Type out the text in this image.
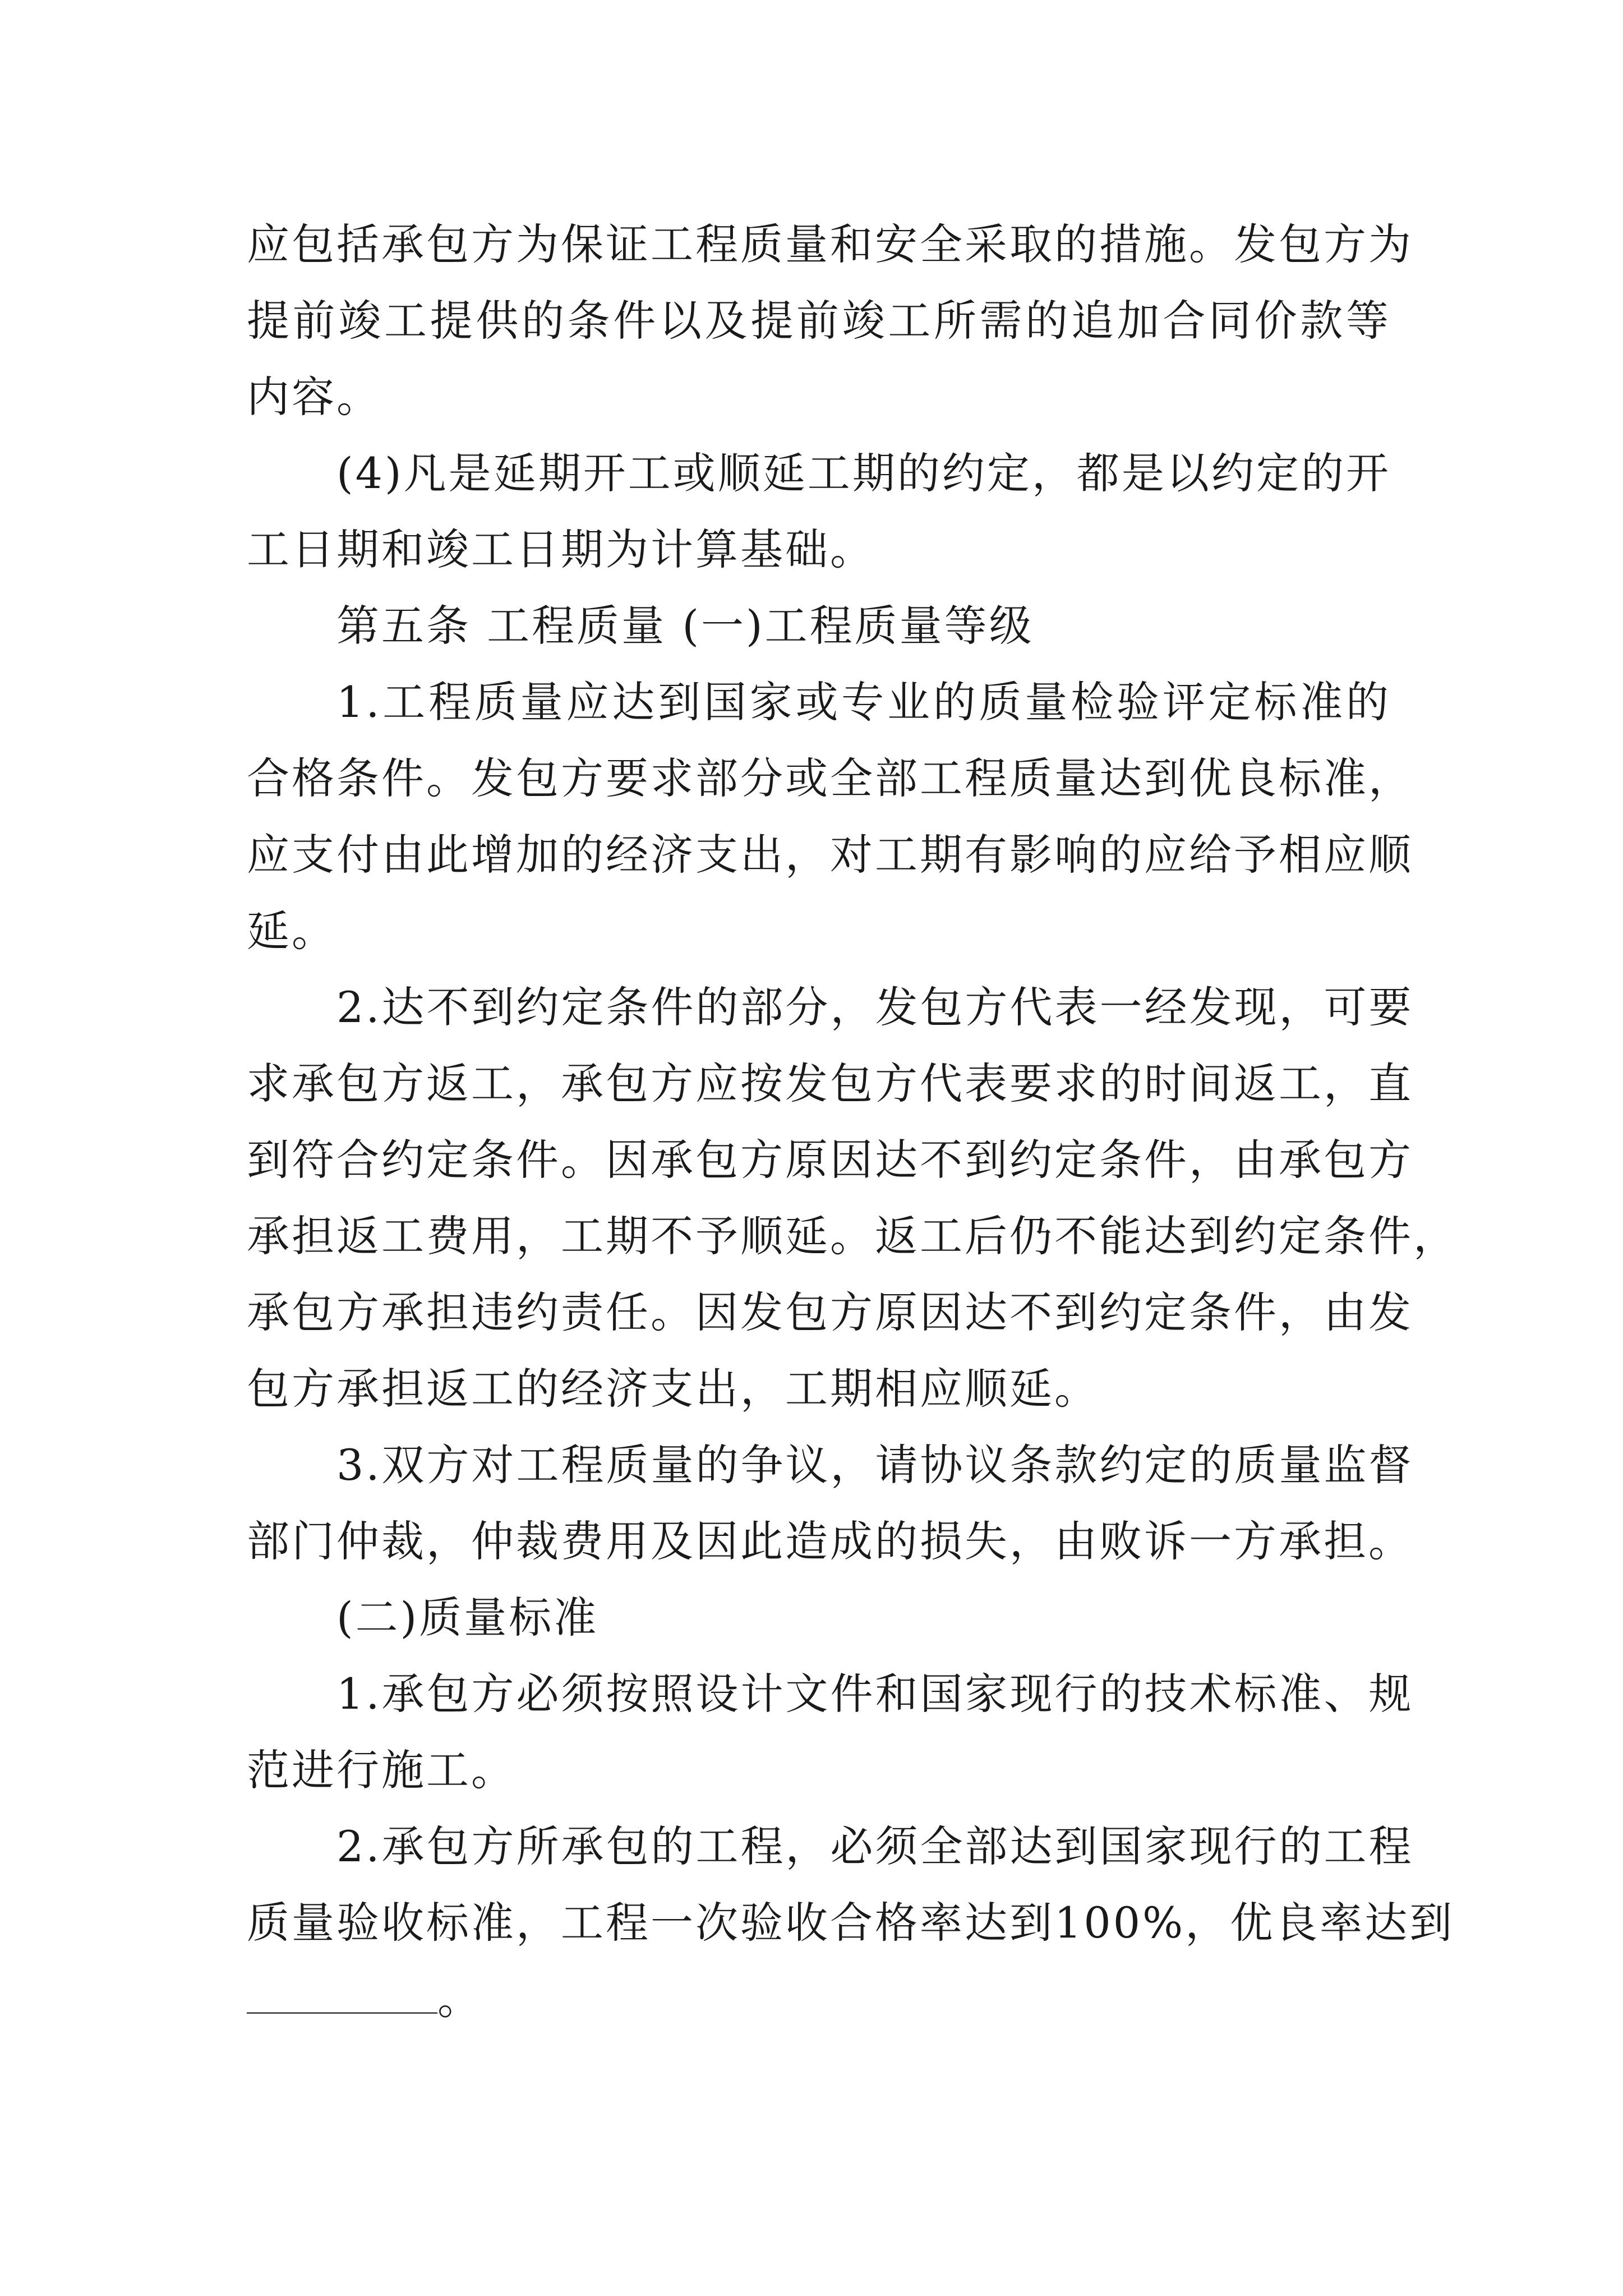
应包括承包方为保证工程质量和安全采取的措施。发包方为
提前竣工提供的条件以及提前竣工所需的追加合同价款等
内容。
(4)凡是延期开工或顺延工期的约定，都是以约定的开
工日期和竣工日期为计算基础。
第五条 工程质量 (一)工程质量等级
1.工程质量应达到国家或专业的质量检验评定标准的
合格条件。发包方要求部分或全部工程质量达到优良标准，
应支付由此增加的经济支出，对工期有影响的应给予相应顺
延。
2.达不到约定条件的部分，发包方代表一经发现，可要
求承包方返工，承包方应按发包方代表要求的时间返工，直
到符合约定条件。因承包方原因达不到约定条件，由承包方
承担返工费用，工期不予顺延。返工后仍不能达到约定条件，
承包方承担违约责任。因发包方原因达不到约定条件，由发
包方承担返工的经济支出，工期相应顺延。
3.双方对工程质量的争议，请协议条款约定的质量监督
部门仲裁，仲裁费用及因此造成的损失，由败诉一方承担。
(二)质量标准
1.承包方必须按照设计文件和国家现行的技术标准、规
范进行施工。
2.承包方所承包的工程，必须全部达到国家现行的工程
质量验收标准，工程一次验收合格率达到100%，优良率达到
。
